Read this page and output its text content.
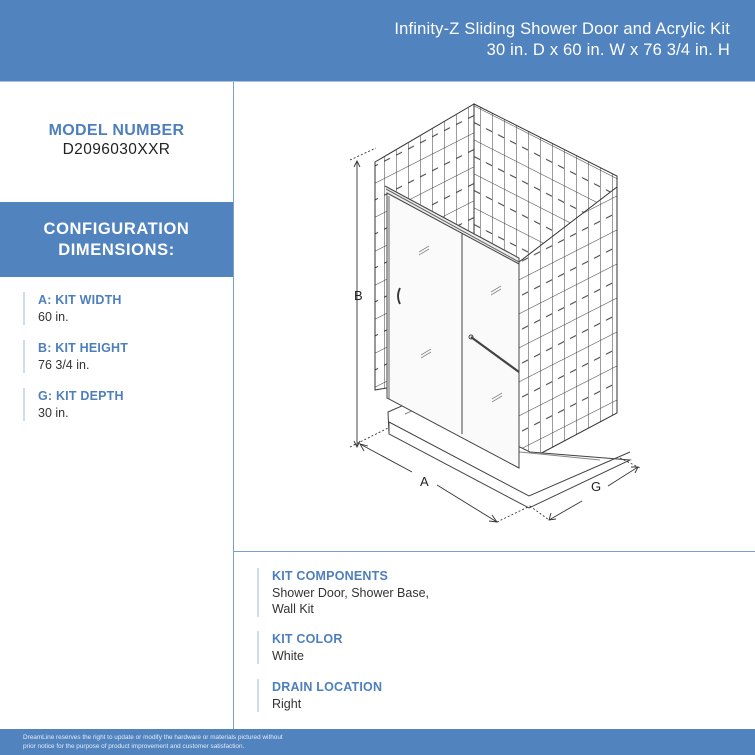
Infinity-Z Sliding Shower Door and Acrylic Kit
30 in. D x 60 in. W x 76 3/4 in. H
MODEL NUMBER
D2096030XXR
CONFIGURATION
DIMENSIONS:
A: KIT WIDTH
60 in.
B: KIT HEIGHT
76 3/4 in.
G: KIT DEPTH
30 in.
KIT COMPONENTS
Shower Door, Shower Base,
Wall Kit
KIT COLOR
White
DRAIN LOCATION
Right
B
A	G
DreamLine reserves the right to update or modify the hardware or materials pictured without
prior notice for the purpose of product improvement and customer satisfaction.
